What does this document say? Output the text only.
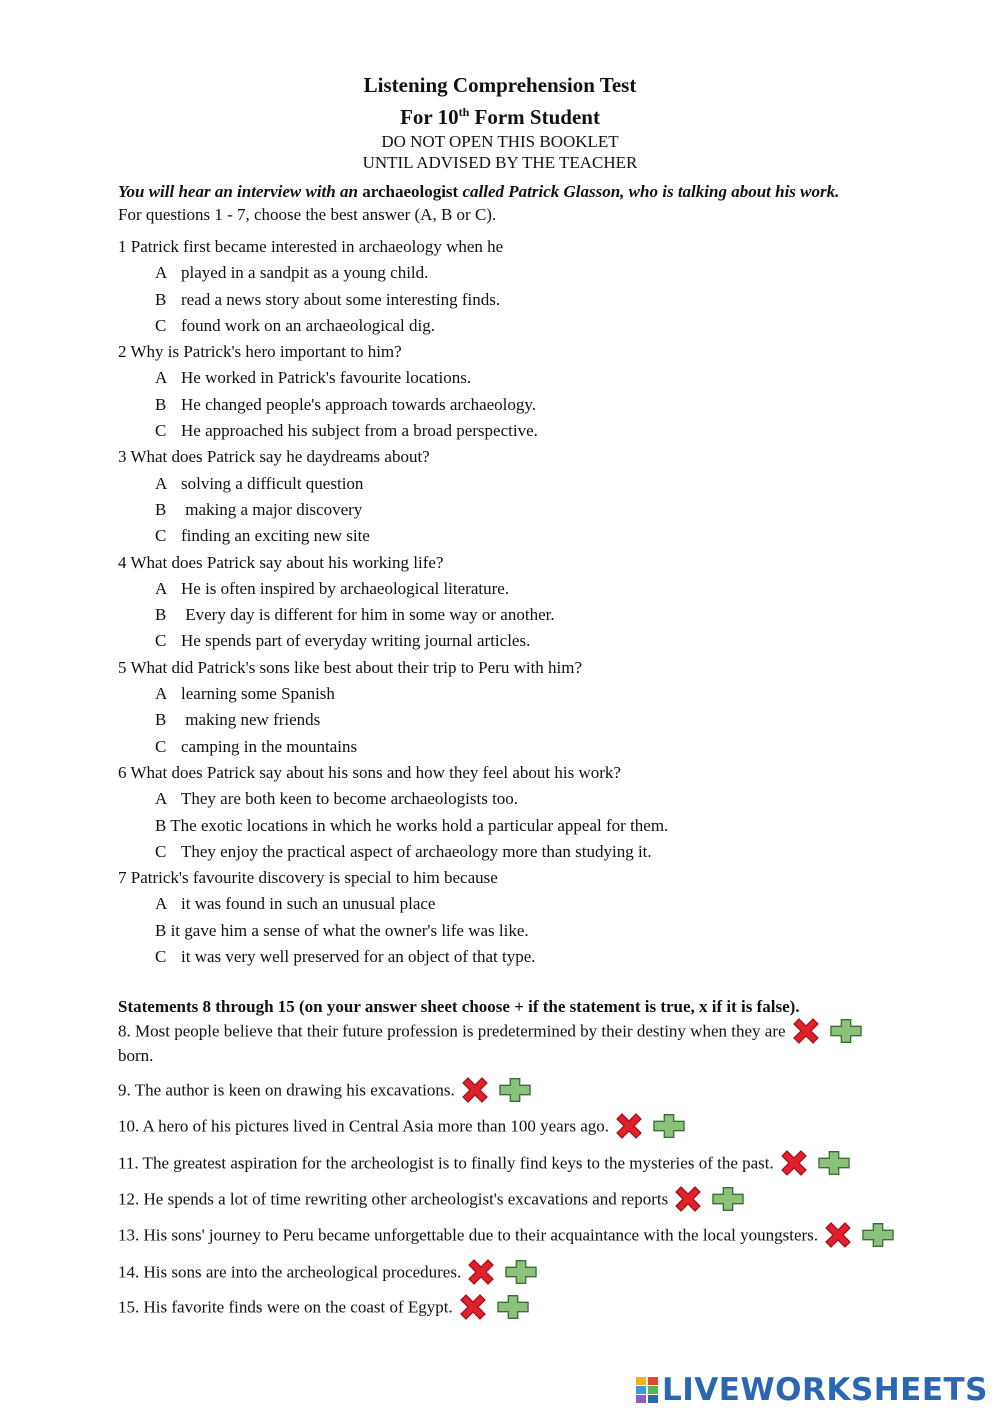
Listening Comprehension Test
For 10th Form Student
DO NOT OPEN THIS BOOKLET
UNTIL ADVISED BY THE TEACHER
You will hear an interview with an archaeologist called Patrick Glasson, who is talking about his work.
For questions 1 - 7, choose the best answer (A, B or C).
1 Patrick first became interested in archaeology when he
A played in a sandpit as a young child.
B read a news story about some interesting finds.
C found work on an archaeological dig.
2 Why is Patrick's hero important to him?
A He worked in Patrick's favourite locations.
B He changed people's approach towards archaeology.
C He approached his subject from a broad perspective.
3 What does Patrick say he daydreams about?
A solving a difficult question
B making a major discovery
C finding an exciting new site
4 What does Patrick say about his working life?
A He is often inspired by archaeological literature.
B Every day is different for him in some way or another.
C He spends part of everyday writing journal articles.
5 What did Patrick's sons like best about their trip to Peru with him?
A learning some Spanish
B making new friends
C camping in the mountains
6 What does Patrick say about his sons and how they feel about his work?
A They are both keen to become archaeologists too.
B The exotic locations in which he works hold a particular appeal for them.
C They enjoy the practical aspect of archaeology more than studying it.
7 Patrick's favourite discovery is special to him because
A it was found in such an unusual place
B it gave him a sense of what the owner's life was like.
C it was very well preserved for an object of that type.
Statements 8 through 15 (on your answer sheet choose + if the statement is true, x if it is false).
8. Most people believe that their future profession is predetermined by their destiny when they are
born.
9. The author is keen on drawing his excavations.
10. A hero of his pictures lived in Central Asia more than 100 years ago.
11. The greatest aspiration for the archeologist is to finally find keys to the mysteries of the past.
12. He spends a lot of time rewriting other archeologist's excavations and reports
13. His sons' journey to Peru became unforgettable due to their acquaintance with the local youngsters.
14. His sons are into the archeological procedures.
15. His favorite finds were on the coast of Egypt.
LIVEWORKSHEETS
